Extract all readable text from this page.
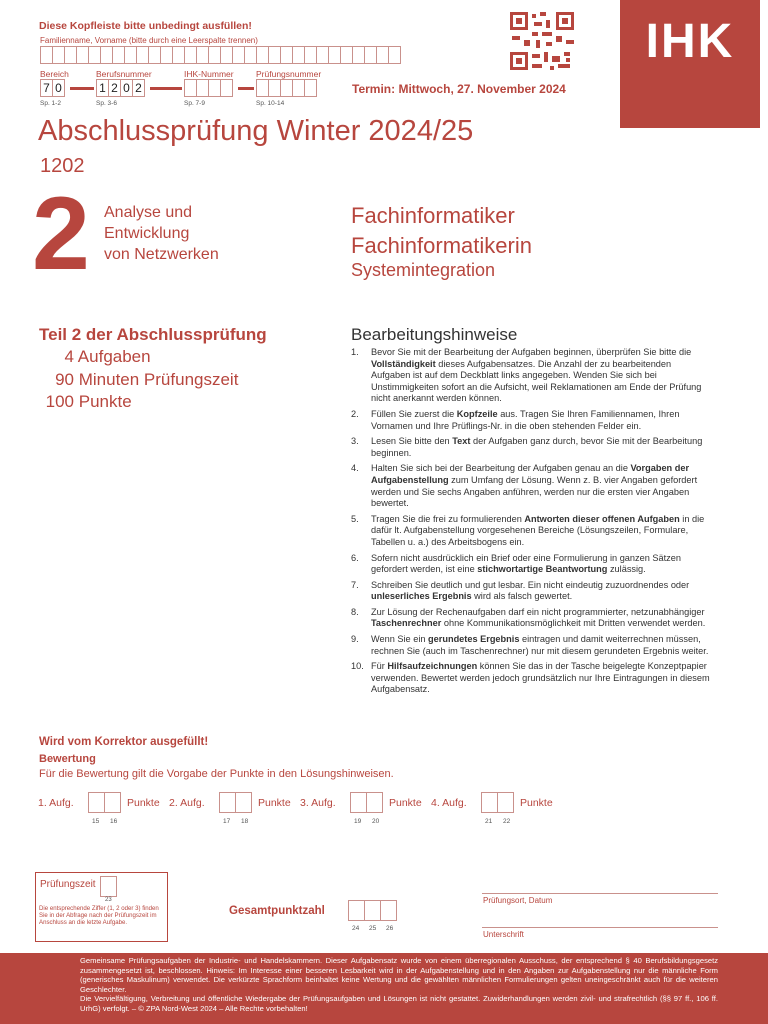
Diese Kopfleiste bitte unbedingt ausfüllen!
Familienname, Vorname (bitte durch eine Leerspalte trennen)
Bereich	Berufsnummer	IHK-Nummer	Prüfungsnummer
7 0	1 2 0 2
Sp. 1-2	Sp. 3-6	Sp. 7-9	Sp. 10-14
Termin: Mittwoch, 27. November 2024
IHK
Abschlussprüfung Winter 2024/25
1202
2 Analyse und
Entwicklung
von Netzwerken
Fachinformatiker
Fachinformatikerin
Systemintegration
Teil 2 der Abschlussprüfung
4 Aufgaben
90 Minuten Prüfungszeit
100 Punkte
Bearbeitungshinweise
1. Bevor Sie mit der Bearbeitung der Aufgaben beginnen, überprüfen Sie bitte die Vollständigkeit dieses Aufgabensatzes. Die Anzahl der zu bearbeitenden Aufgaben ist auf dem Deckblatt links angegeben. Wenden Sie sich bei Unstimmigkeiten sofort an die Aufsicht, weil Reklamationen am Ende der Prüfung nicht anerkannt werden können.
2. Füllen Sie zuerst die Kopfzeile aus. Tragen Sie Ihren Familiennamen, Ihren Vornamen und Ihre Prüflings-Nr. in die oben stehenden Felder ein.
3. Lesen Sie bitte den Text der Aufgaben ganz durch, bevor Sie mit der Bearbeitung beginnen.
4. Halten Sie sich bei der Bearbeitung der Aufgaben genau an die Vorgaben der Aufgabenstellung zum Umfang der Lösung. Wenn z. B. vier Angaben gefordert werden und Sie sechs Angaben anführen, werden nur die ersten vier Angaben bewertet.
5. Tragen Sie die frei zu formulierenden Antworten dieser offenen Aufgaben in die dafür lt. Aufgabenstellung vorgesehenen Bereiche (Lösungszeilen, Formulare, Tabellen u. a.) des Arbeitsbogens ein.
6. Sofern nicht ausdrücklich ein Brief oder eine Formulierung in ganzen Sätzen gefordert werden, ist eine stichwortartige Beantwortung zulässig.
7. Schreiben Sie deutlich und gut lesbar. Ein nicht eindeutig zuzuordnendes oder unleserliches Ergebnis wird als falsch gewertet.
8. Zur Lösung der Rechenaufgaben darf ein nicht programmierter, netzunabhängiger Taschenrechner ohne Kommunikationsmöglichkeit mit Dritten verwendet werden.
9. Wenn Sie ein gerundetes Ergebnis eintragen und damit weiterrechnen müssen, rechnen Sie (auch im Taschenrechner) nur mit diesem gerundeten Ergebnis weiter.
10. Für Hilfsaufzeichnungen können Sie das in der Tasche beigelegte Konzeptpapier verwenden. Bewertet werden jedoch grundsätzlich nur Ihre Eintragungen in diesem Aufgabensatz.
Wird vom Korrektor ausgefüllt!
Bewertung
Für die Bewertung gilt die Vorgabe der Punkte in den Lösungshinweisen.
1. Aufg.	Punkte
15 16
2. Aufg.	Punkte
17 18
3. Aufg.	Punkte
19 20
4. Aufg.	Punkte
21 22
Prüfungszeit
23
Die entsprechende Ziffer (1, 2 oder 3) finden Sie in der Abfrage nach der Prüfungszeit im Anschluss an die letzte Aufgabe.
Gesamtpunktzahl
24 25 26
Prüfungsort, Datum
Unterschrift
Gemeinsame Prüfungsaufgaben der Industrie- und Handelskammern. Dieser Aufgabensatz wurde von einem überregionalen Ausschuss, der entsprechend § 40 Berufsbildungsgesetz zusammengesetzt ist, beschlossen. Hinweis: Im Interesse einer besseren Lesbarkeit wird in der Aufgabenstellung und in den Angaben zur Aufgabenstellung nur die männliche Form (generisches Maskulinum) verwendet. Die verkürzte Sprachform beinhaltet keine Wertung und die gewählten männlichen Formulierungen gelten uneingeschränkt auch für die weiteren Geschlechter.
Die Vervielfältigung, Verbreitung und öffentliche Wiedergabe der Prüfungsaufgaben und Lösungen ist nicht gestattet. Zuwiderhandlungen werden zivil- und strafrechtlich (§§ 97 ff., 106 ff. UrhG) verfolgt. – © ZPA Nord-West 2024 – Alle Rechte vorbehalten!
